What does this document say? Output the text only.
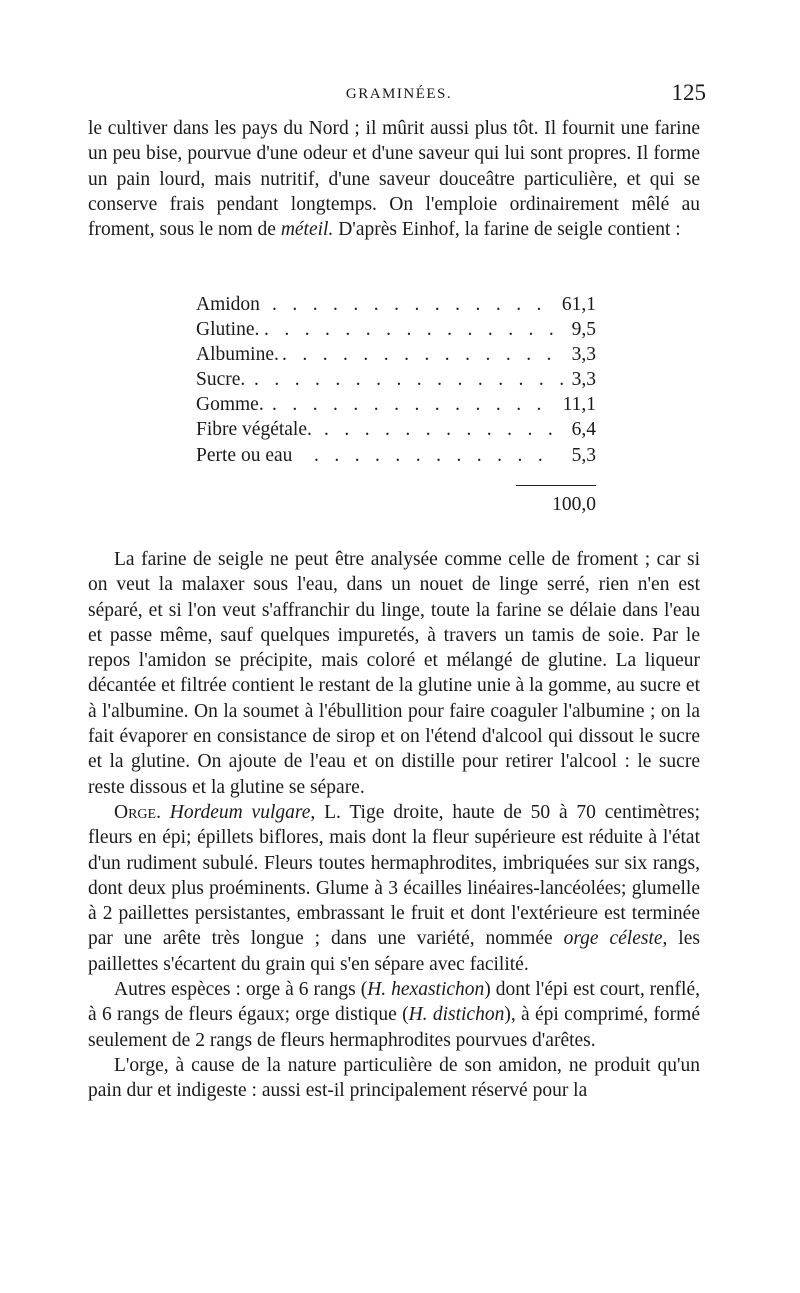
GRAMINÉES.	125

le cultiver dans les pays du Nord ; il mûrit aussi plus tôt. Il fournit une farine un peu bise, pourvue d'une odeur et d'une saveur qui lui sont propres. Il forme un pain lourd, mais nutritif, d'une saveur douceâtre particulière, et qui se conserve frais pendant longtemps. On l'emploie ordinairement mêlé au froment, sous le nom de méteil. D'après Einhof, la farine de seigle contient :

Amidon . . . . . . . . . . . . . . 61,1
Glutine. . . . . . . . . . . . . . . . 9,5
Albumine. . . . . . . . . . . . . . . 3,3
Sucre. . . . . . . . . . . . . . . . . 3,3
Gomme. . . . . . . . . . . . . . . 11,1
Fibre végétale. . . . . . . . . . . . . 6,4
Perte ou eau . . . . . . . . . . . .	5,3
100,0

La farine de seigle ne peut être analysée comme celle de froment ; car si on veut la malaxer sous l'eau, dans un nouet de linge serré, rien n'en est séparé, et si l'on veut s'affranchir du linge, toute la farine se délaie dans l'eau et passe même, sauf quelques impuretés, à travers un tamis de soie. Par le repos l'amidon se précipite, mais coloré et mélangé de glutine. La liqueur décantée et filtrée contient le restant de la glutine unie à la gomme, au sucre et à l'albumine. On la soumet à l'ébullition pour faire coaguler l'albumine ; on la fait évaporer en consistance de sirop et on l'étend d'alcool qui dissout le sucre et la glutine. On ajoute de l'eau et on distille pour retirer l'alcool : le sucre reste dissous et la glutine se sépare.

Orge. Hordeum vulgare, L. Tige droite, haute de 50 à 70 centimètres; fleurs en épi; épillets biflores, mais dont la fleur supérieure est réduite à l'état d'un rudiment subulé. Fleurs toutes hermaphrodites, imbriquées sur six rangs, dont deux plus proéminents. Glume à 3 écailles linéaires-lancéolées; glumelle à 2 paillettes persistantes, embrassant le fruit et dont l'extérieure est terminée par une arête très longue ; dans une variété, nommée orge céleste, les paillettes s'écartent du grain qui s'en sépare avec facilité.

Autres espèces : orge à 6 rangs (H. hexastichon) dont l'épi est court, renflé, à 6 rangs de fleurs égaux; orge distique (H. distichon), à épi comprimé, formé seulement de 2 rangs de fleurs hermaphrodites pourvues d'arêtes.

L'orge, à cause de la nature particulière de son amidon, ne produit qu'un pain dur et indigeste : aussi est-il principalement réservé pour la
